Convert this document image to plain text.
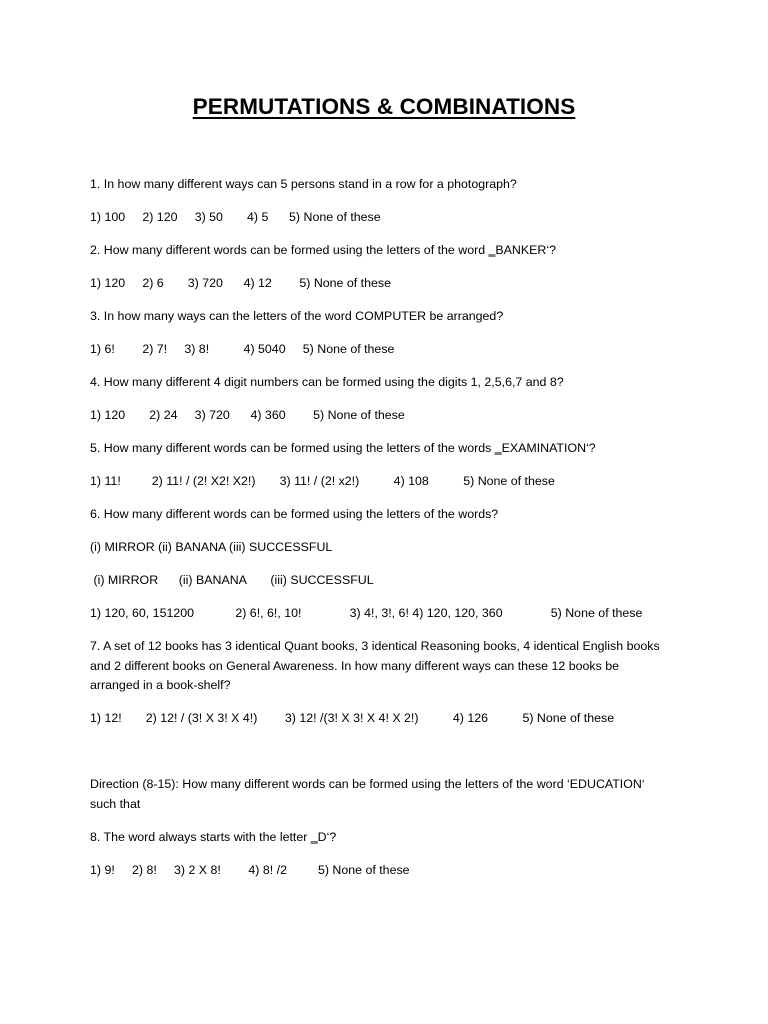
PERMUTATIONS & COMBINATIONS
1. In how many different ways can 5 persons stand in a row for a photograph?
1) 100     2) 120     3) 50       4) 5      5) None of these
2. How many different words can be formed using the letters of the word ‗BANKER‘?
1) 120     2) 6       3) 720      4) 12        5) None of these
3. In how many ways can the letters of the word COMPUTER be arranged?
1) 6!        2) 7!     3) 8!          4) 5040     5) None of these
4. How many different 4 digit numbers can be formed using the digits 1, 2,5,6,7 and 8?
1) 120       2) 24     3) 720      4) 360        5) None of these
5. How many different words can be formed using the letters of the words ‗EXAMINATION‘?
1) 11!         2) 11! / (2! X2! X2!)       3) 11! / (2! x2!)          4) 108          5) None of these
6. How many different words can be formed using the letters of the words?
(i) MIRROR (ii) BANANA (iii) SUCCESSFUL
(i) MIRROR      (ii) BANANA       (iii) SUCCESSFUL
1) 120, 60, 151200            2) 6!, 6!, 10!              3) 4!, 3!, 6! 4) 120, 120, 360              5) None of these
7. A set of 12 books has 3 identical Quant books, 3 identical Reasoning books, 4 identical English books and 2 different books on General Awareness. In how many different ways can these 12 books be arranged in a book-shelf?
1) 12!       2) 12! / (3! X 3! X 4!)        3) 12! /(3! X 3! X 4! X 2!)          4) 126          5) None of these
Direction (8-15): How many different words can be formed using the letters of the word ‘EDUCATION‘ such that
8. The word always starts with the letter ‗D‘?
1) 9!     2) 8!     3) 2 X 8!        4) 8! /2         5) None of these
